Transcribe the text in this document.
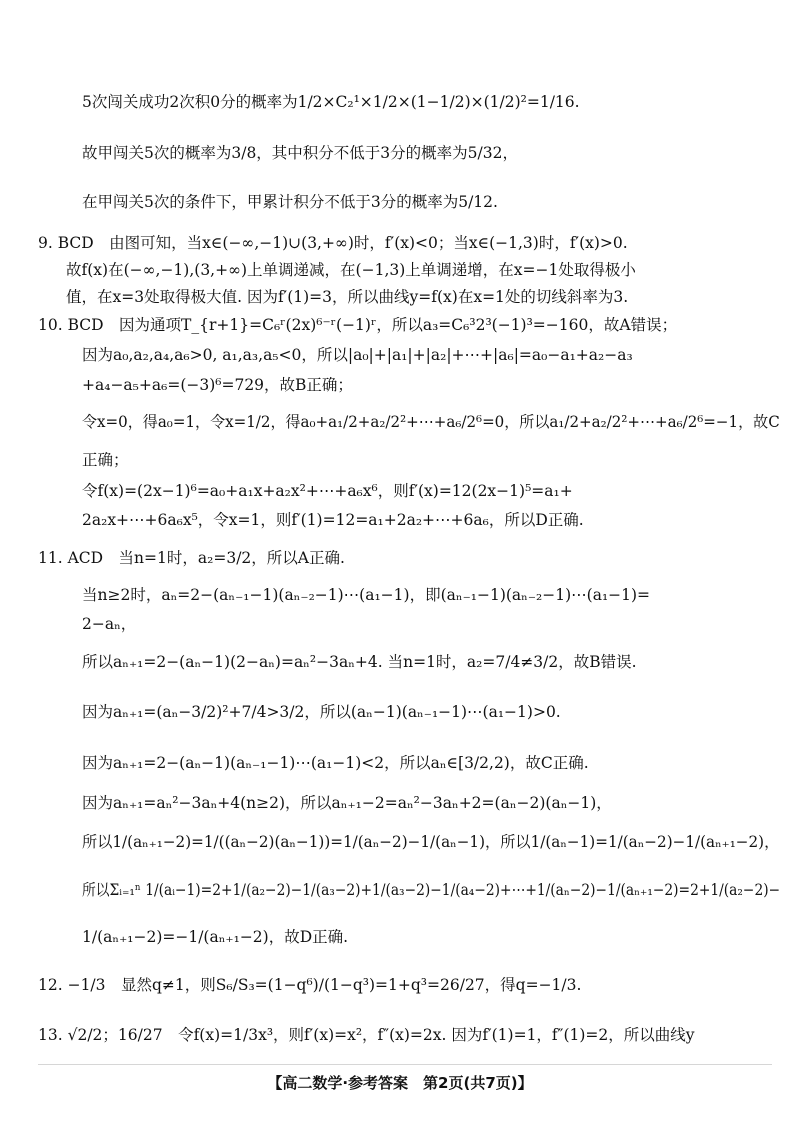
5次闯关成功2次积0分的概率为1/2×C₂¹×1/2×(1−1/2)×(1/2)²=1/16.
故甲闯关5次的概率为3/8，其中积分不低于3分的概率为5/32，
在甲闯关5次的条件下，甲累计积分不低于3分的概率为5/12.
9. BCD　由图可知，当x∈(−∞,−1)∪(3,+∞)时，f′(x)<0；当x∈(−1,3)时，f′(x)>0.
故f(x)在(−∞,−1),(3,+∞)上单调递减，在(−1,3)上单调递增，在x=−1处取得极小
值，在x=3处取得极大值. 因为f′(1)=3，所以曲线y=f(x)在x=1处的切线斜率为3.
10. BCD　因为通项T_{r+1}=C₆ʳ(2x)⁶⁻ʳ(−1)ʳ，所以a₃=C₆³2³(−1)³=−160，故A错误；
因为a₀,a₂,a₄,a₆>0, a₁,a₃,a₅<0，所以|a₀|+|a₁|+|a₂|+⋯+|a₆|=a₀−a₁+a₂−a₃
+a₄−a₅+a₆=(−3)⁶=729，故B正确；
令x=0，得a₀=1，令x=1/2，得a₀+a₁/2+a₂/2²+⋯+a₆/2⁶=0，所以a₁/2+a₂/2²+⋯+a₆/2⁶=−1，故C
正确；
令f(x)=(2x−1)⁶=a₀+a₁x+a₂x²+⋯+a₆x⁶，则f′(x)=12(2x−1)⁵=a₁+
2a₂x+⋯+6a₆x⁵，令x=1，则f′(1)=12=a₁+2a₂+⋯+6a₆，所以D正确.
11. ACD　当n=1时，a₂=3/2，所以A正确.
当n≥2时，aₙ=2−(aₙ₋₁−1)(aₙ₋₂−1)⋯(a₁−1)，即(aₙ₋₁−1)(aₙ₋₂−1)⋯(a₁−1)=
2−aₙ，
所以aₙ₊₁=2−(aₙ−1)(2−aₙ)=aₙ²−3aₙ+4. 当n=1时，a₂=7/4≠3/2，故B错误.
因为aₙ₊₁=(aₙ−3/2)²+7/4>3/2，所以(aₙ−1)(aₙ₋₁−1)⋯(a₁−1)>0.
因为aₙ₊₁=2−(aₙ−1)(aₙ₋₁−1)⋯(a₁−1)<2，所以aₙ∈[3/2,2)，故C正确.
因为aₙ₊₁=aₙ²−3aₙ+4(n≥2)，所以aₙ₊₁−2=aₙ²−3aₙ+2=(aₙ−2)(aₙ−1)，
所以1/(aₙ₊₁−2)=1/((aₙ−2)(aₙ−1))=1/(aₙ−2)−1/(aₙ−1)，所以1/(aₙ−1)=1/(aₙ−2)−1/(aₙ₊₁−2)，
所以Σᵢ₌₁ⁿ 1/(aᵢ−1)=2+1/(a₂−2)−1/(a₃−2)+1/(a₃−2)−1/(a₄−2)+⋯+1/(aₙ−2)−1/(aₙ₊₁−2)=2+1/(a₂−2)−
1/(aₙ₊₁−2)=−1/(aₙ₊₁−2)，故D正确.
12. −1/3　显然q≠1，则S₆/S₃=(1−q⁶)/(1−q³)=1+q³=26/27，得q=−1/3.
13. √2/2；16/27　令f(x)=1/3x³，则f′(x)=x²，f″(x)=2x. 因为f′(1)=1，f″(1)=2，所以曲线y
【高二数学·参考答案　第2页(共7页)】
